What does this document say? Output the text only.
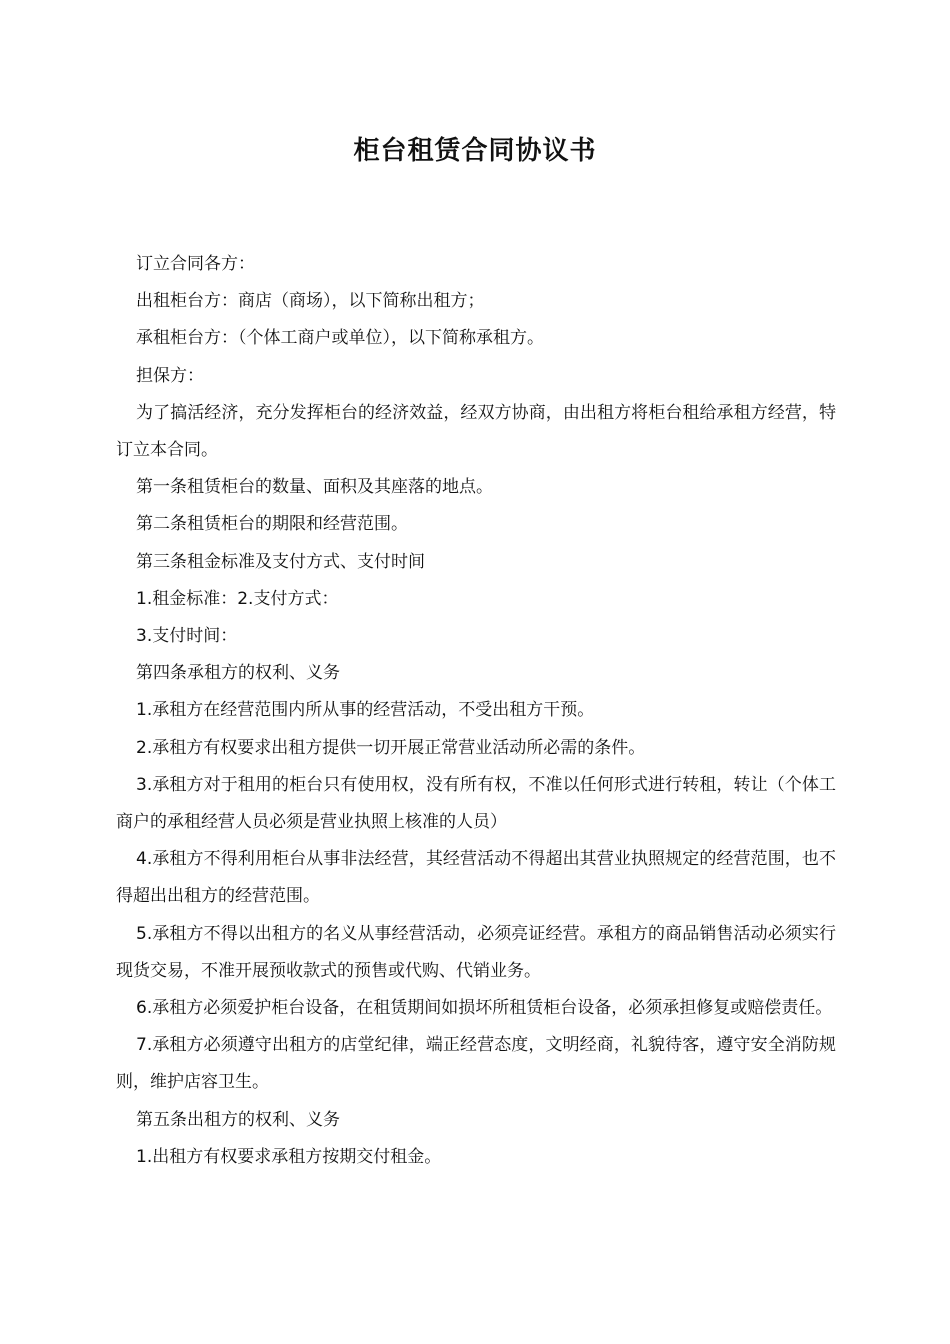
柜台租赁合同协议书

订立合同各方：

出租柜台方：商店（商场），以下简称出租方；

承租柜台方：（个体工商户或单位），以下简称承租方。

担保方：

为了搞活经济，充分发挥柜台的经济效益，经双方协商，由出租方将柜台租给承租方经营，特订立本合同。

第一条租赁柜台的数量、面积及其座落的地点。

第二条租赁柜台的期限和经营范围。

第三条租金标准及支付方式、支付时间

1.租金标准：2.支付方式：

3.支付时间：

第四条承租方的权利、义务

1.承租方在经营范围内所从事的经营活动，不受出租方干预。

2.承租方有权要求出租方提供一切开展正常营业活动所必需的条件。

3.承租方对于租用的柜台只有使用权，没有所有权，不准以任何形式进行转租，转让（个体工商户的承租经营人员必须是营业执照上核准的人员）

4.承租方不得利用柜台从事非法经营，其经营活动不得超出其营业执照规定的经营范围，也不得超出出租方的经营范围。

5.承租方不得以出租方的名义从事经营活动，必须亮证经营。承租方的商品销售活动必须实行现货交易，不准开展预收款式的预售或代购、代销业务。

6.承租方必须爱护柜台设备，在租赁期间如损坏所租赁柜台设备，必须承担修复或赔偿责任。

7.承租方必须遵守出租方的店堂纪律，端正经营态度，文明经商，礼貌待客，遵守安全消防规则，维护店容卫生。

第五条出租方的权利、义务

1.出租方有权要求承租方按期交付租金。
